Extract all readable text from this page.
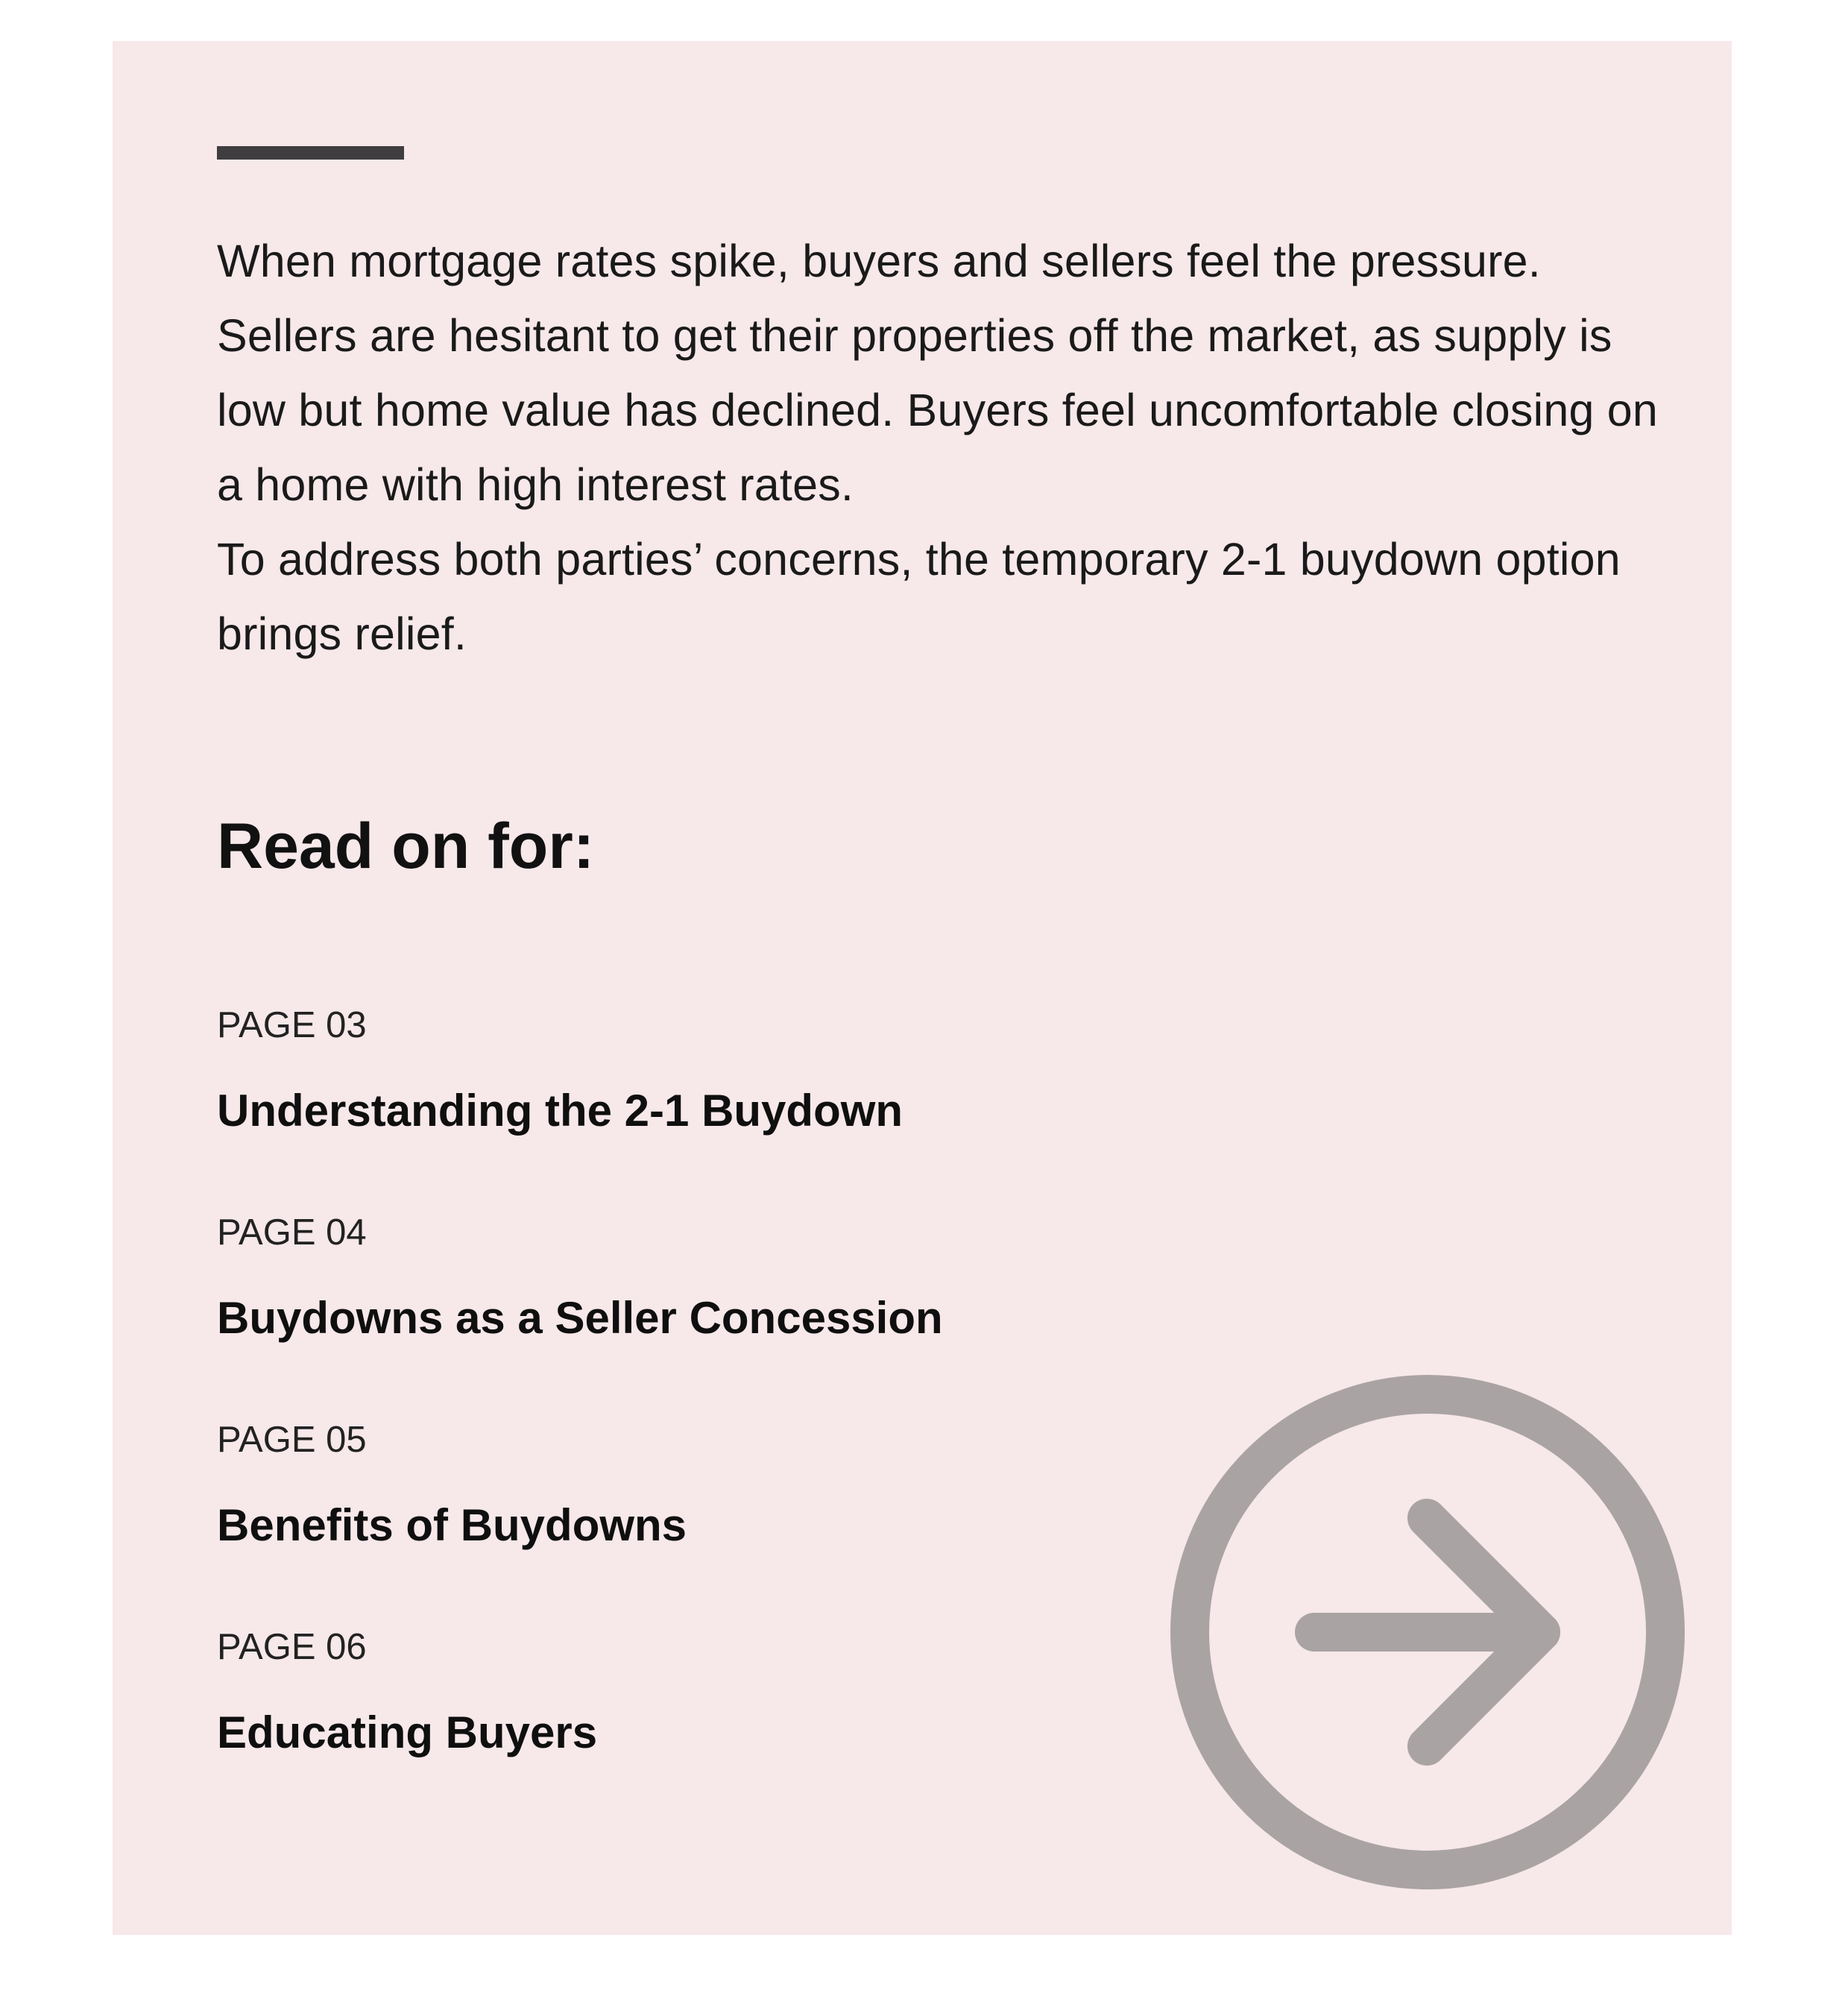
When mortgage rates spike, buyers and sellers feel the pressure. Sellers are hesitant to get their properties off the market, as supply is low but home value has declined. Buyers feel uncomfortable closing on a home with high interest rates.

To address both parties’ concerns, the temporary 2-1 buydown option brings relief.

Read on for:
PAGE 03
Understanding the 2-1 Buydown
PAGE 04
Buydowns as a Seller Concession
PAGE 05
Benefits of Buydowns
PAGE 06
Educating Buyers
